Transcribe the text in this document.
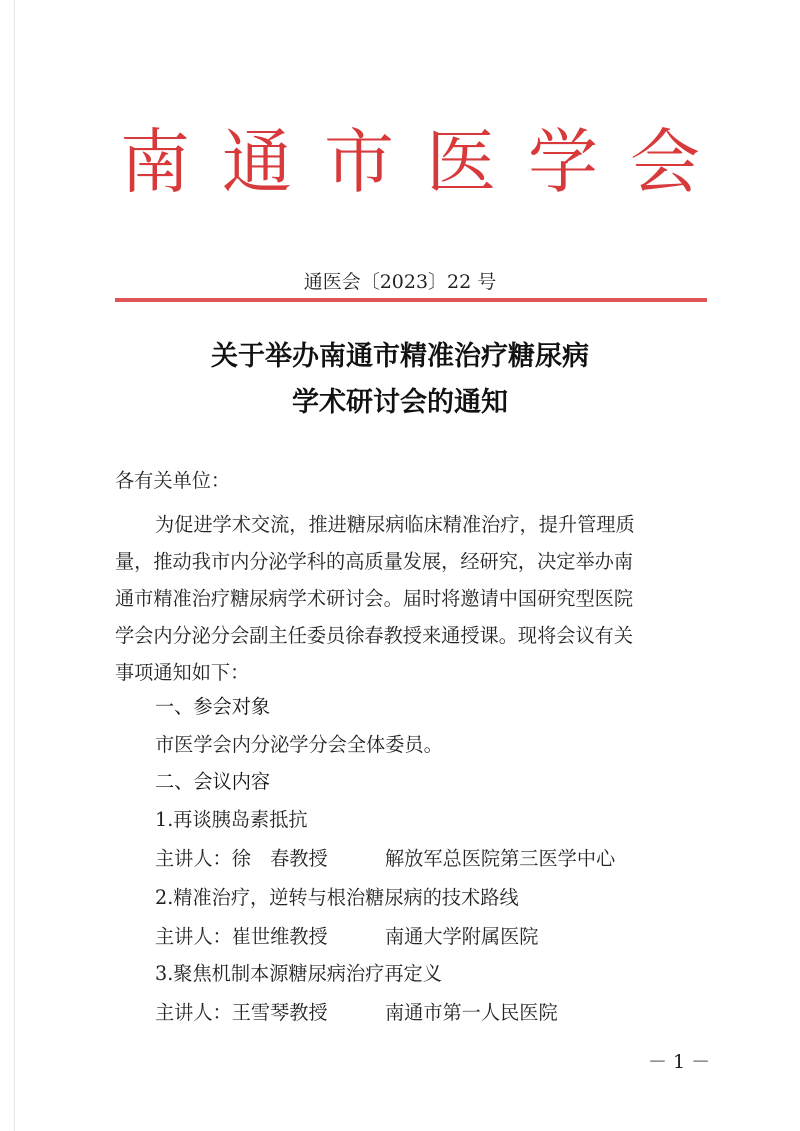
南 通 市 医 学 会
通医会〔2023〕22 号
关于举办南通市精准治疗糖尿病
学术研讨会的通知
各有关单位：
为促进学术交流，推进糖尿病临床精准治疗，提升管理质
量，推动我市内分泌学科的高质量发展，经研究，决定举办南
通市精准治疗糖尿病学术研讨会。届时将邀请中国研究型医院
学会内分泌分会副主任委员徐春教授来通授课。现将会议有关
事项通知如下：
一、参会对象
市医学会内分泌学分会全体委员。
二、会议内容
1.再谈胰岛素抵抗
主讲人：徐　春教授	解放军总医院第三医学中心
2.精准治疗，逆转与根治糖尿病的技术路线
主讲人：崔世维教授	南通大学附属医院
3.聚焦机制本源糖尿病治疗再定义
主讲人：王雪琴教授	南通市第一人民医院
－ 1 －
